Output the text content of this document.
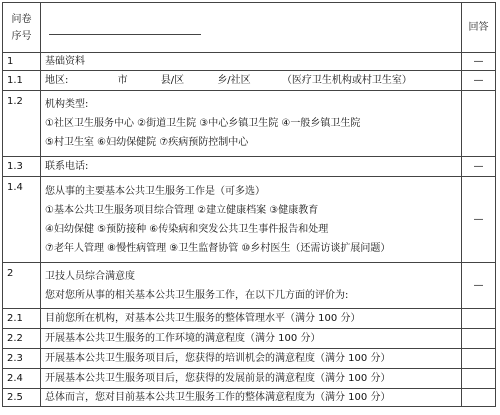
问卷
序号		回答
1	基础资料	—
1.1	地区: 市 县/区 乡/社区 （医疗卫生机构或村卫生室）	—
1.2	机构类型:
①社区卫生服务中心 ②街道卫生院 ③中心乡镇卫生院 ④一般乡镇卫生院
⑤村卫生室 ⑥妇幼保健院 ⑦疾病预防控制中心	

1.3	联系电话:	—
1.4	您从事的主要基本公共卫生服务工作是（可多选）
①基本公共卫生服务项目综合管理 ②建立健康档案 ③健康教育
④妇幼保健 ⑤预防接种 ⑥传染病和突发公共卫生事件报告和处理
⑦老年人管理 ⑧慢性病管理 ⑨卫生监督协管 ⑩乡村医生（还需访谈扩展问题）	—
2	卫技人员综合满意度
您对您所从事的相关基本公共卫生服务工作，在以下几方面的评价为:	—
2.1	目前您所在机构，对基本公共卫生服务的整体管理水平（满分 100 分）	
2.2	开展基本公共卫生服务的工作环境的满意程度（满分 100 分）	
2.3	开展基本公共卫生服务项目后，您获得的培训机会的满意程度（满分 100 分）	
2.4	开展基本公共卫生服务项目后，您获得的发展前景的满意程度（满分 100 分）	
2.5	总体而言，您对目前基本公共卫生服务工作的整体满意程度为（满分 100 分）	
